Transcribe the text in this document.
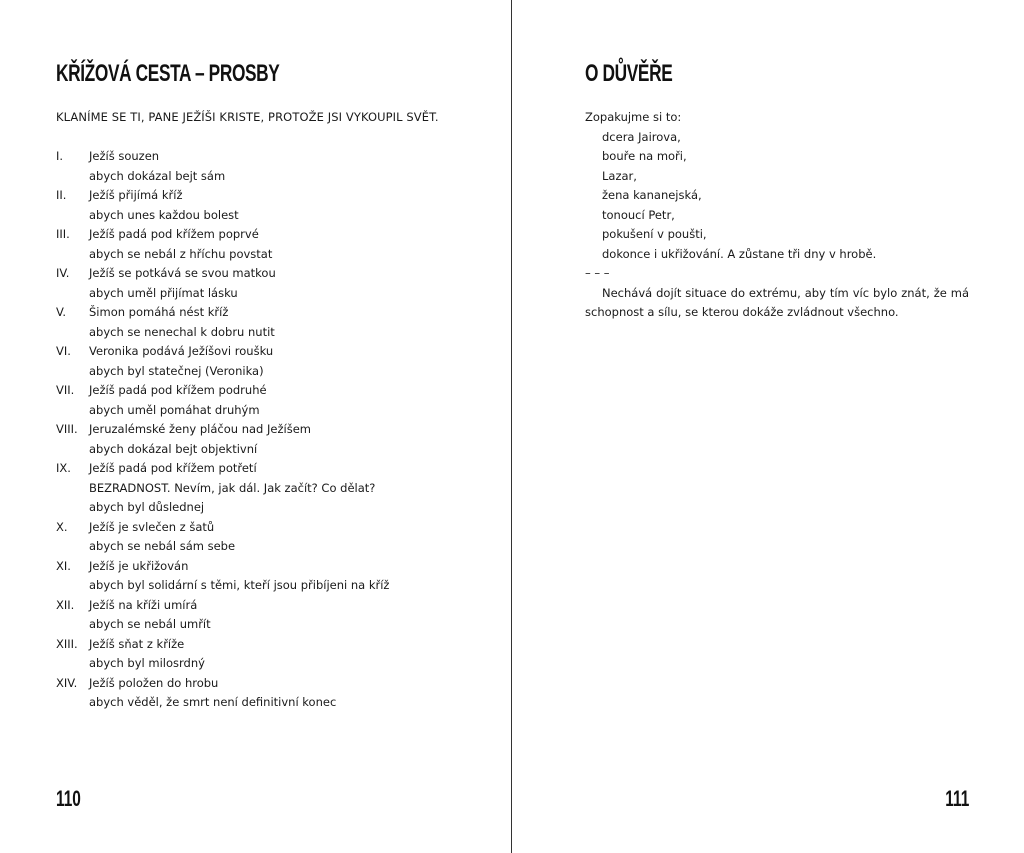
KŘÍŽOVÁ CESTA – PROSBY
KLANÍME SE TI, PANE JEŽÍŠI KRISTE, PROTOŽE JSI VYKOUPIL SVĚT.
I. Ježíš souzen
abych dokázal bejt sám
II. Ježíš přijímá kříž
abych unes každou bolest
III. Ježíš padá pod křížem poprvé
abych se nebál z hříchu povstat
IV. Ježíš se potkává se svou matkou
abych uměl přijímat lásku
V. Šimon pomáhá nést kříž
abych se nenechal k dobru nutit
VI. Veronika podává Ježíšovi roušku
abych byl statečnej (Veronika)
VII. Ježíš padá pod křížem podruhé
abych uměl pomáhat druhým
VIII. Jeruzalémské ženy pláčou nad Ježíšem
abych dokázal bejt objektivní
IX. Ježíš padá pod křížem potřetí
BEZRADNOST. Nevím, jak dál. Jak začít? Co dělat?
abych byl důslednej
X. Ježíš je svlečen z šatů
abych se nebál sám sebe
XI. Ježíš je ukřižován
abych byl solidární s těmi, kteří jsou přibíjeni na kříž
XII. Ježíš na kříži umírá
abych se nebál umřít
XIII. Ježíš sňat z kříže
abych byl milosrdný
XIV. Ježíš položen do hrobu
abych věděl, že smrt není definitivní konec
110
O DŮVĚŘE
Zopakujme si to:
dcera Jairova,
bouře na moři,
Lazar,
žena kananejská,
tonoucí Petr,
pokušení v poušti,
dokonce i ukřižování. A zůstane tři dny v hrobě.
– – –

Nechává dojít situace do extrému, aby tím víc bylo znát, že má schopnost a sílu, se kterou dokáže zvládnout všechno.

111
